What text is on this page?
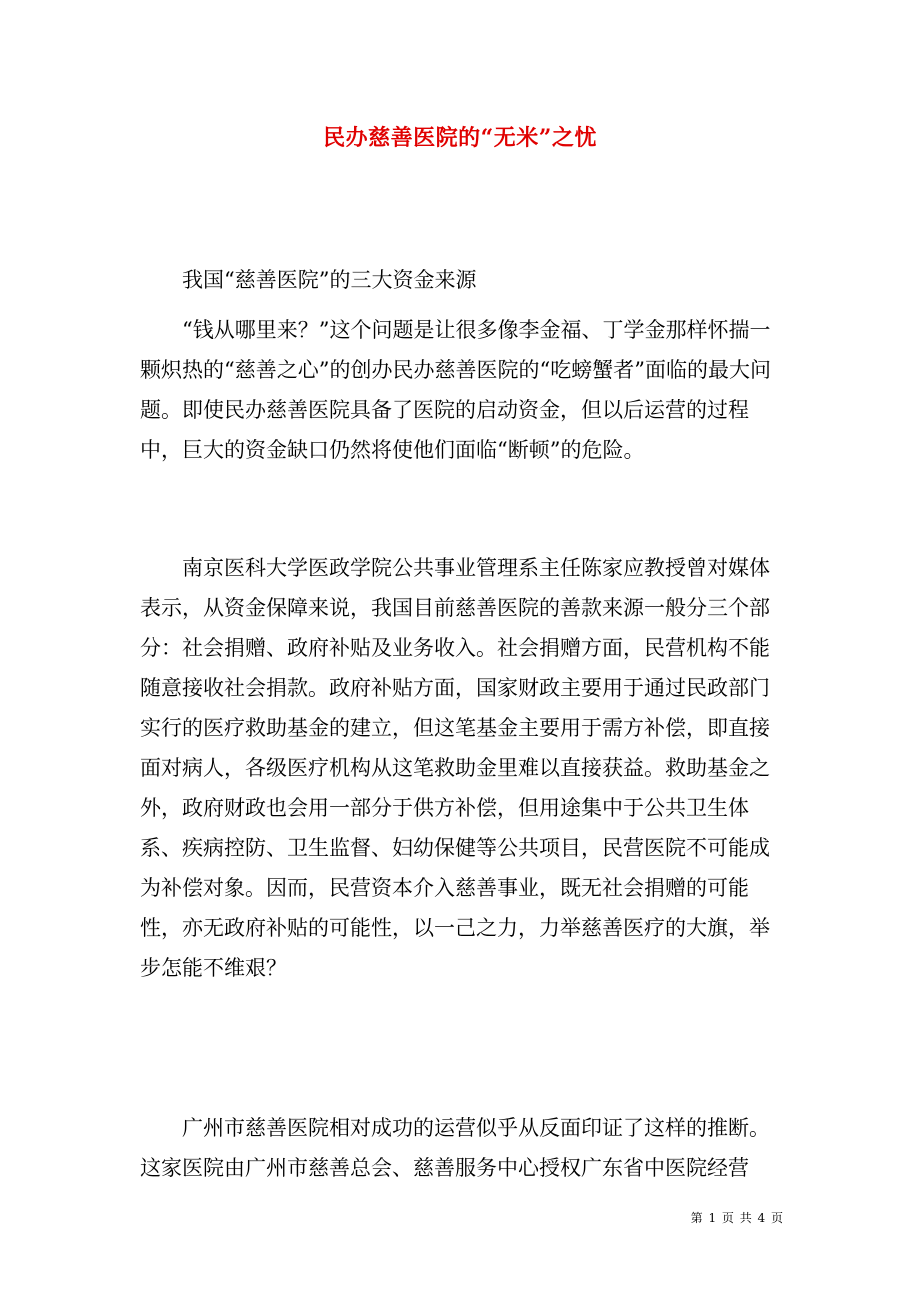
民办慈善医院的“无米”之忧

我国“慈善医院”的三大资金来源

“钱从哪里来？”这个问题是让很多像李金福、丁学金那样怀揣一颗炽热的“慈善之心”的创办民办慈善医院的“吃螃蟹者”面临的最大问题。即使民办慈善医院具备了医院的启动资金，但以后运营的过程中，巨大的资金缺口仍然将使他们面临“断顿”的危险。

南京医科大学医政学院公共事业管理系主任陈家应教授曾对媒体表示，从资金保障来说，我国目前慈善医院的善款来源一般分三个部分：社会捐赠、政府补贴及业务收入。社会捐赠方面，民营机构不能随意接收社会捐款。政府补贴方面，国家财政主要用于通过民政部门实行的医疗救助基金的建立，但这笔基金主要用于需方补偿，即直接面对病人，各级医疗机构从这笔救助金里难以直接获益。救助基金之外，政府财政也会用一部分于供方补偿，但用途集中于公共卫生体系、疾病控防、卫生监督、妇幼保健等公共项目，民营医院不可能成为补偿对象。因而，民营资本介入慈善事业，既无社会捐赠的可能性，亦无政府补贴的可能性，以一己之力，力举慈善医疗的大旗，举步怎能不维艰？

广州市慈善医院相对成功的运营似乎从反面印证了这样的推断。这家医院由广州市慈善总会、慈善服务中心授权广东省中医院经营

第 1 页 共 4 页
